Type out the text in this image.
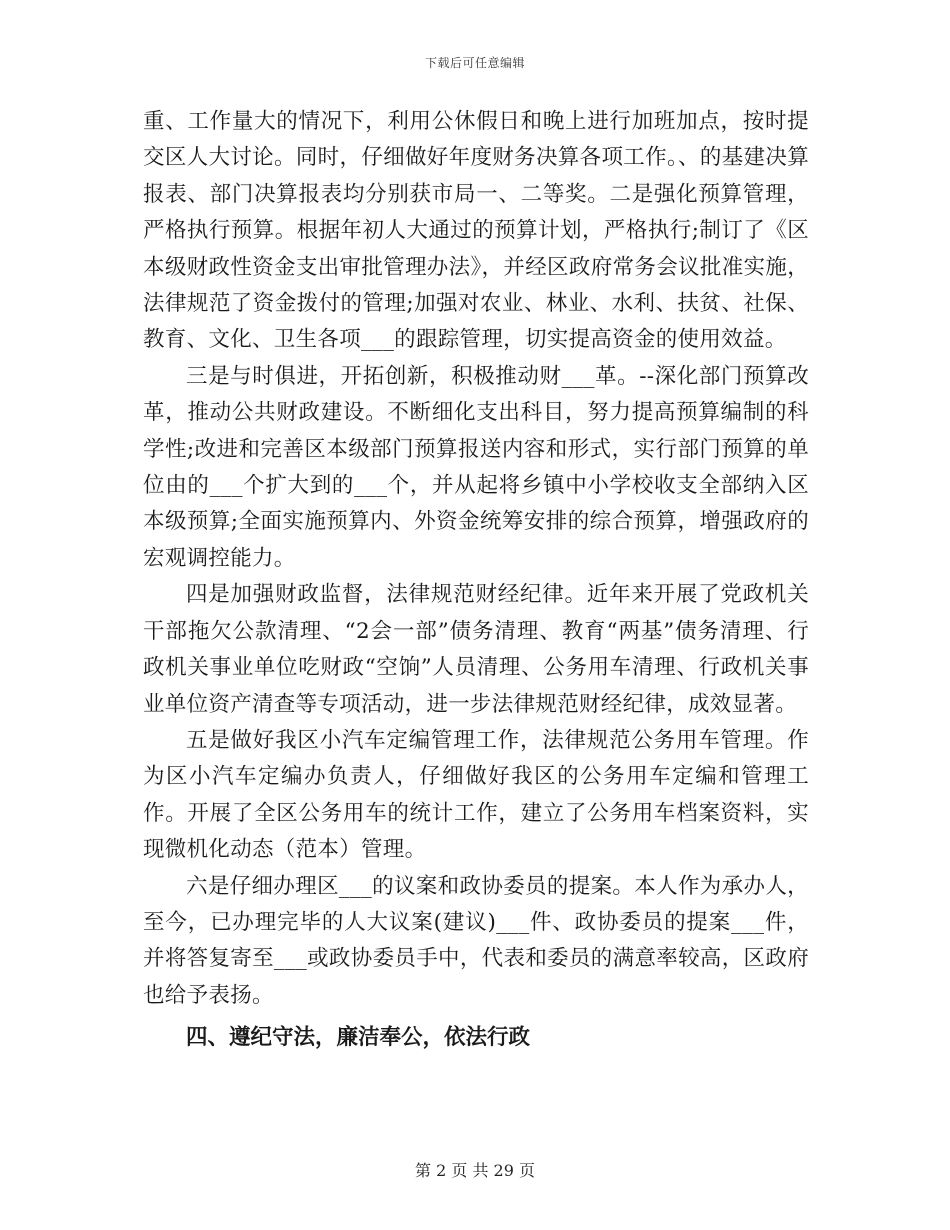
下载后可任意编辑

重、工作量大的情况下，利用公休假日和晚上进行加班加点，按时提交区人大讨论。同时，仔细做好年度财务决算各项工作。、的基建决算报表、部门决算报表均分别获市局一、二等奖。二是强化预算管理，严格执行预算。根据年初人大通过的预算计划，严格执行;制订了《区本级财政性资金支出审批管理办法》，并经区政府常务会议批准实施，法律规范了资金拨付的管理;加强对农业、林业、水利、扶贫、社保、教育、文化、卫生各项___的跟踪管理，切实提高资金的使用效益。

三是与时俱进，开拓创新，积极推动财___革。--深化部门预算改革，推动公共财政建设。不断细化支出科目，努力提高预算编制的科学性;改进和完善区本级部门预算报送内容和形式，实行部门预算的单位由的___个扩大到的___个，并从起将乡镇中小学校收支全部纳入区本级预算;全面实施预算内、外资金统筹安排的综合预算，增强政府的宏观调控能力。

四是加强财政监督，法律规范财经纪律。近年来开展了党政机关干部拖欠公款清理、“2会一部”债务清理、教育“两基”债务清理、行政机关事业单位吃财政“空饷”人员清理、公务用车清理、行政机关事业单位资产清查等专项活动，进一步法律规范财经纪律，成效显著。

五是做好我区小汽车定编管理工作，法律规范公务用车管理。作为区小汽车定编办负责人，仔细做好我区的公务用车定编和管理工作。开展了全区公务用车的统计工作，建立了公务用车档案资料，实现微机化动态（范本）管理。

六是仔细办理区___的议案和政协委员的提案。本人作为承办人，至今，已办理完毕的人大议案(建议)___件、政协委员的提案___件，并将答复寄至___或政协委员手中，代表和委员的满意率较高，区政府也给予表扬。

四、遵纪守法，廉洁奉公，依法行政

第 2 页 共 29 页
